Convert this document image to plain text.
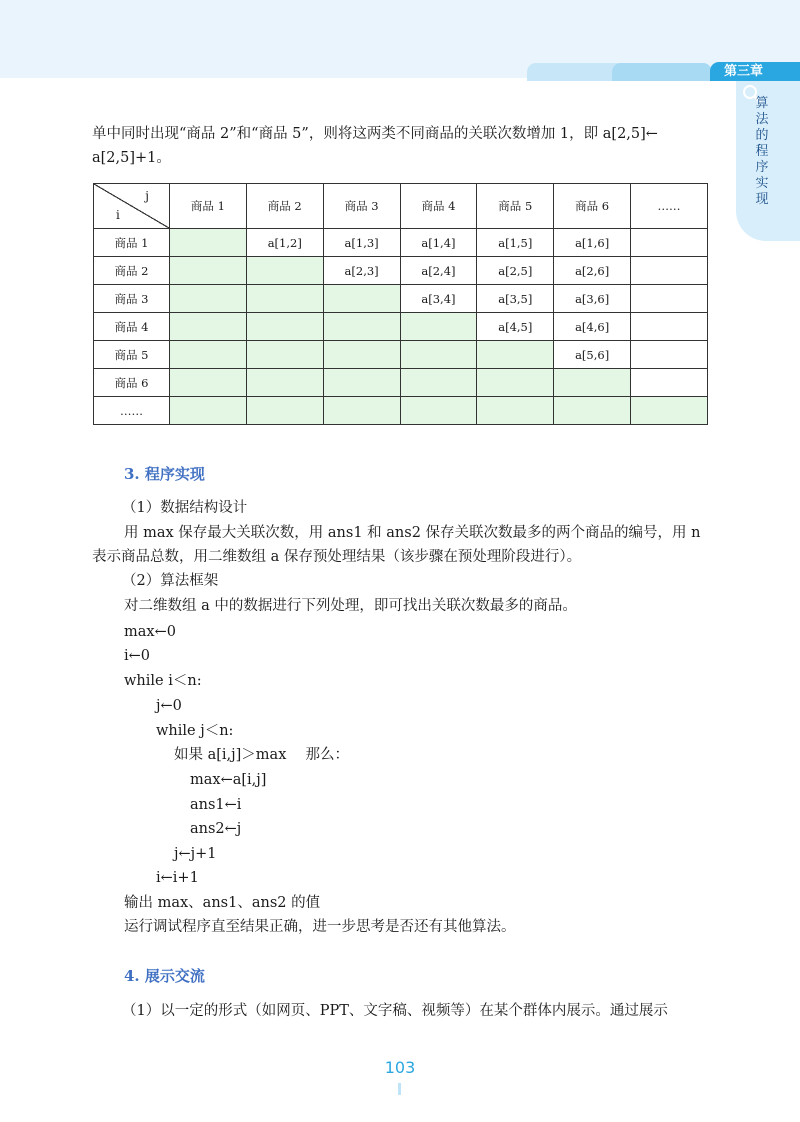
第三章
算法的程序实现

单中同时出现“商品 2”和“商品 5”，则将这两类不同商品的关联次数增加 1，即 a[2,5]←

a[2,5]+1。

j
i	商品 1	商品 2	商品 3	商品 4	商品 5	商品 6	……
商品 1		a[1,2]	a[1,3]	a[1,4]	a[1,5]	a[1,6]	
商品 2			a[2,3]	a[2,4]	a[2,5]	a[2,6]	
商品 3				a[3,4]	a[3,5]	a[3,6]	
商品 4					a[4,5]	a[4,6]	
商品 5						a[5,6]	
商品 6							
……							
3. 程序实现

（1）数据结构设计

用 max 保存最大关联次数，用 ans1 和 ans2 保存关联次数最多的两个商品的编号，用 n

表示商品总数，用二维数组 a 保存预处理结果（该步骤在预处理阶段进行）。

（2）算法框架

对二维数组 a 中的数据进行下列处理，即可找出关联次数最多的商品。

max←0

i←0

while i＜n:

j←0

while j＜n:

如果 a[i,j]＞max　 那么：

max←a[i,j]

ans1←i

ans2←j

j←j+1

i←i+1

输出 max、ans1、ans2 的值

运行调试程序直至结果正确，进一步思考是否还有其他算法。

4. 展示交流

（1）以一定的形式（如网页、PPT、文字稿、视频等）在某个群体内展示。通过展示

103
